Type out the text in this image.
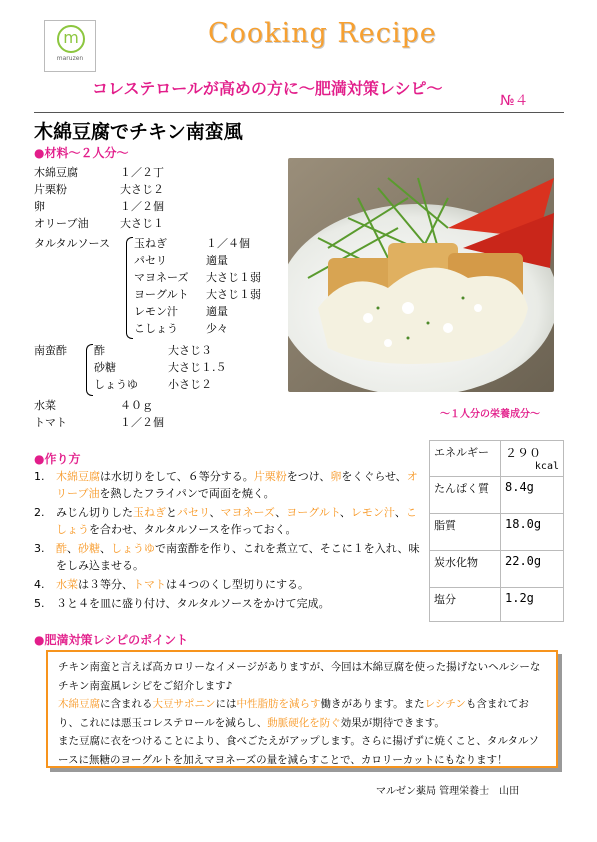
m
maruzen
Cooking Recipe
コレステロールが高めの方に～肥満対策レシピ～
№４
木綿豆腐でチキン南蛮風
●材料～２人分～
木綿豆腐	１／２丁
片栗粉	大さじ２
卵	１／２個
オリーブ油	大さじ１
タルタルソース 玉ねぎ	１／４個
パセリ	適量
マヨネーズ 大さじ１弱
ヨーグルト 大さじ１弱
レモン汁	適量
こしょう	少々
南蛮酢 酢	大さじ３
砂糖	大さじ１.５
しょうゆ	小さじ２
水菜	４０ｇ
トマト	１／２個
～１人分の栄養成分～
エネルギー	２９０
kcal

たんぱく質	8.4g
脂質	18.0g
炭水化物	22.0g
塩分	1.2g
●作り方
1. 木綿豆腐は水切りをして、６等分する。片栗粉をつけ、卵をくぐらせ、オリーブ油を熱したフライパンで両面を焼く。
2. みじん切りした玉ねぎとパセリ、マヨネーズ、ヨーグルト、レモン汁、こしょうを合わせ、タルタルソースを作っておく。
3. 酢、砂糖、しょうゆで南蛮酢を作り、これを煮立て、そこに１を入れ、味をしみ込ませる。
4. 水菜は３等分、トマトは４つのくし型切りにする。
5. ３と４を皿に盛り付け、タルタルソースをかけて完成。
●肥満対策レシピのポイント
チキン南蛮と言えば高カロリーなイメージがありますが、今回は木綿豆腐を使った揚げないヘルシーなチキン南蛮風レシピをご紹介します♪
木綿豆腐に含まれる大豆サポニンには中性脂肪を減らす働きがあります。またレシチンも含まれており、これには悪玉コレステロールを減らし、動脈硬化を防ぐ効果が期待できます。
また豆腐に衣をつけることにより、食べごたえがアップします。さらに揚げずに焼くこと、タルタルソースに無糖のヨーグルトを加えマヨネーズの量を減らすことで、カロリーカットにもなります！
マルゼン薬局 管理栄養士　山田
